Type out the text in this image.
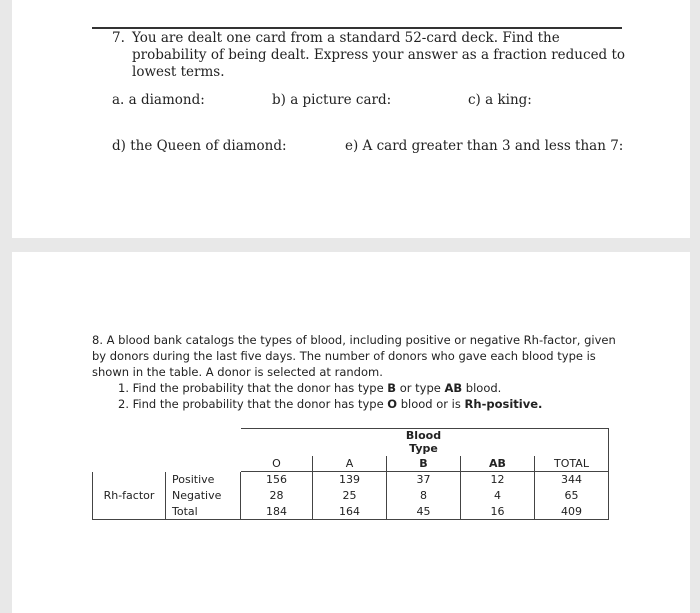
7. You are dealt one card from a standard 52-card deck. Find the probability of being dealt. Express your answer as a fraction reduced to lowest terms.
a. a diamond:	b) a picture card:	c) a king:
d) the Queen of diamond:	e) A card greater than 3 and less than 7:
8. A blood bank catalogs the types of blood, including positive or negative Rh-factor, given by donors during the last five days. The number of donors who gave each blood type is shown in the table. A donor is selected at random.
1. Find the probability that the donor has type B or type AB blood.
2. Find the probability that the donor has type O blood or is Rh-positive.
				Blood Type		
		O	A	B	AB	TOTAL
Rh-factor	Positive	156	139	37	12	344
	Negative	28	25	8	4	65
	Total	184	164	45	16	409
